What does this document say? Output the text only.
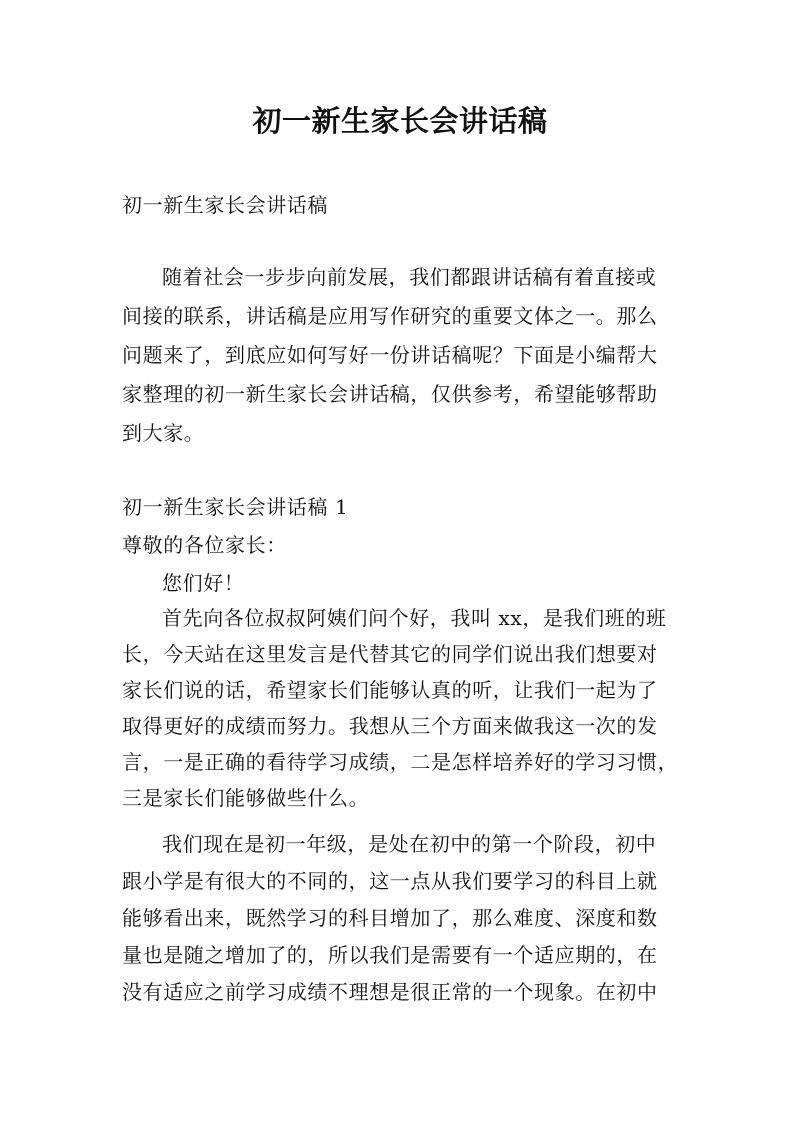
初一新生家长会讲话稿
初一新生家长会讲话稿
随着社会一步步向前发展，我们都跟讲话稿有着直接或
间接的联系，讲话稿是应用写作研究的重要文体之一。那么
问题来了，到底应如何写好一份讲话稿呢？下面是小编帮大
家整理的初一新生家长会讲话稿，仅供参考，希望能够帮助
到大家。
初一新生家长会讲话稿 1
尊敬的各位家长：
您们好！
首先向各位叔叔阿姨们问个好，我叫 xx，是我们班的班
长，今天站在这里发言是代替其它的同学们说出我们想要对
家长们说的话，希望家长们能够认真的听，让我们一起为了
取得更好的成绩而努力。我想从三个方面来做我这一次的发
言，一是正确的看待学习成绩，二是怎样培养好的学习习惯，
三是家长们能够做些什么。
我们现在是初一年级，是处在初中的第一个阶段，初中
跟小学是有很大的不同的，这一点从我们要学习的科目上就
能够看出来，既然学习的科目增加了，那么难度、深度和数
量也是随之增加了的，所以我们是需要有一个适应期的，在
没有适应之前学习成绩不理想是很正常的一个现象。在初中
